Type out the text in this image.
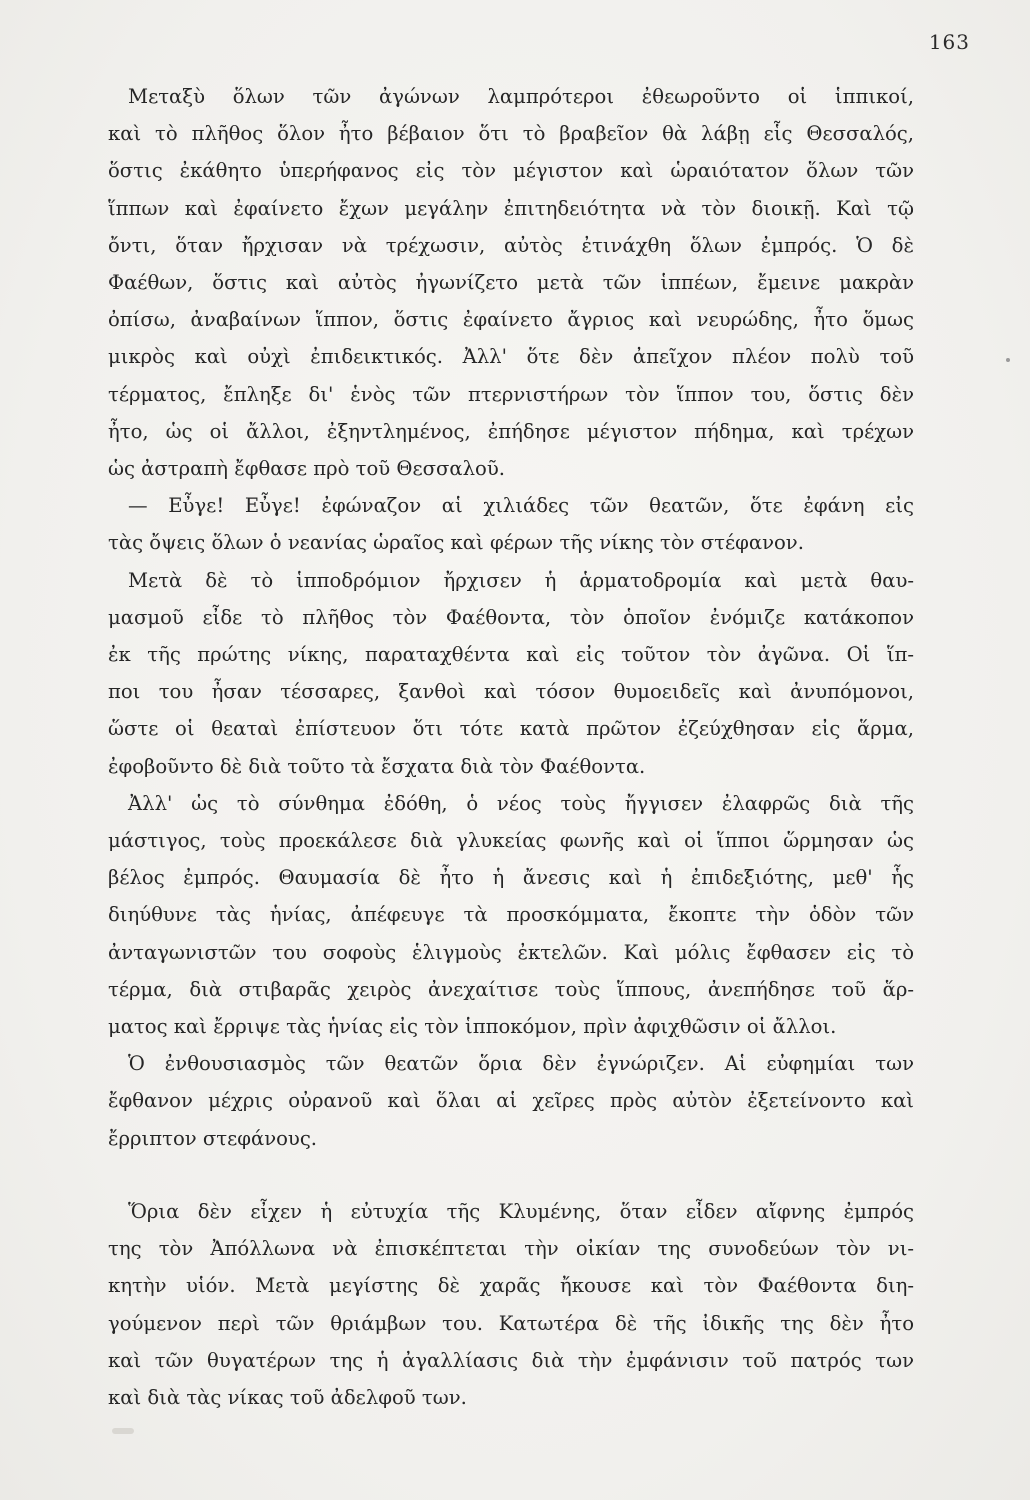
163

Μεταξὺ ὅλων τῶν ἀγώνων λαμπρότεροι ἐθεωροῦντο οἱ ἱππικοί,
καὶ τὸ πλῆθος ὅλον ἦτο βέβαιον ὅτι τὸ βραβεῖον θὰ λάβῃ εἷς Θεσσαλός,
ὅστις ἐκάθητο ὑπερήφανος εἰς τὸν μέγιστον καὶ ὡραιότατον ὅλων τῶν
ἵππων καὶ ἐφαίνετο ἔχων μεγάλην ἐπιτηδειότητα νὰ τὸν διοικῇ. Καὶ τῷ
ὄντι, ὅταν ἤρχισαν νὰ τρέχωσιν, αὐτὸς ἐτινάχθη ὅλων ἐμπρός. Ὁ δὲ
Φαέθων, ὅστις καὶ αὐτὸς ἠγωνίζετο μετὰ τῶν ἱππέων, ἔμεινε μακρὰν
ὀπίσω, ἀναβαίνων ἵππον, ὅστις ἐφαίνετο ἄγριος καὶ νευρώδης, ἦτο ὅμως
μικρὸς καὶ οὐχὶ ἐπιδεικτικός. Ἀλλ' ὅτε δὲν ἀπεῖχον πλέον πολὺ τοῦ
τέρματος, ἔπληξε δι' ἑνὸς τῶν πτερνιστήρων τὸν ἵππον του, ὅστις δὲν
ἦτο, ὡς οἱ ἄλλοι, ἐξηντλημένος, ἐπήδησε μέγιστον πήδημα, καὶ τρέχων
ὡς ἀστραπὴ ἔφθασε πρὸ τοῦ Θεσσαλοῦ.

— Εὖγε! Εὖγε! ἐφώναζον αἱ χιλιάδες τῶν θεατῶν, ὅτε ἐφάνη εἰς
τὰς ὄψεις ὅλων ὁ νεανίας ὡραῖος καὶ φέρων τῆς νίκης τὸν στέφανον.

Μετὰ δὲ τὸ ἱπποδρόμιον ἤρχισεν ἡ ἁρματοδρομία καὶ μετὰ θαυ-
μασμοῦ εἶδε τὸ πλῆθος τὸν Φαέθοντα, τὸν ὁποῖον ἐνόμιζε κατάκοπον
ἐκ τῆς πρώτης νίκης, παραταχθέντα καὶ εἰς τοῦτον τὸν ἀγῶνα. Οἱ ἵπ-
ποι του ἦσαν τέσσαρες, ξανθοὶ καὶ τόσον θυμοειδεῖς καὶ ἀνυπόμονοι,
ὥστε οἱ θεαταὶ ἐπίστευον ὅτι τότε κατὰ πρῶτον ἐζεύχθησαν εἰς ἅρμα,
ἐφοβοῦντο δὲ διὰ τοῦτο τὰ ἔσχατα διὰ τὸν Φαέθοντα.

Ἀλλ' ὡς τὸ σύνθημα ἐδόθη, ὁ νέος τοὺς ἤγγισεν ἐλαφρῶς διὰ τῆς
μάστιγος, τοὺς προεκάλεσε διὰ γλυκείας φωνῆς καὶ οἱ ἵπποι ὥρμησαν ὡς
βέλος ἐμπρός. Θαυμασία δὲ ἦτο ἡ ἄνεσις καὶ ἡ ἐπιδεξιότης, μεθ' ἧς
διηύθυνε τὰς ἡνίας, ἀπέφευγε τὰ προσκόμματα, ἔκοπτε τὴν ὁδὸν τῶν
ἀνταγωνιστῶν του σοφοὺς ἑλιγμοὺς ἐκτελῶν. Καὶ μόλις ἔφθασεν εἰς τὸ
τέρμα, διὰ στιβαρᾶς χειρὸς ἀνεχαίτισε τοὺς ἵππους, ἀνεπήδησε τοῦ ἅρ-
ματος καὶ ἔρριψε τὰς ἡνίας εἰς τὸν ἱπποκόμον, πρὶν ἀφιχθῶσιν οἱ ἄλλοι.

Ὁ ἐνθουσιασμὸς τῶν θεατῶν ὅρια δὲν ἐγνώριζεν. Αἱ εὐφημίαι των
ἔφθανον μέχρις οὐρανοῦ καὶ ὅλαι αἱ χεῖρες πρὸς αὐτὸν ἐξετείνοντο καὶ
ἔρριπτον στεφάνους.

Ὅρια δὲν εἶχεν ἡ εὐτυχία τῆς Κλυμένης, ὅταν εἶδεν αἴφνης ἐμπρός
της τὸν Ἀπόλλωνα νὰ ἐπισκέπτεται τὴν οἰκίαν της συνοδεύων τὸν νι-
κητὴν υἱόν. Μετὰ μεγίστης δὲ χαρᾶς ἤκουσε καὶ τὸν Φαέθοντα διη-
γούμενον περὶ τῶν θριάμβων του. Κατωτέρα δὲ τῆς ἰδικῆς της δὲν ἦτο
καὶ τῶν θυγατέρων της ἡ ἀγαλλίασις διὰ τὴν ἐμφάνισιν τοῦ πατρός των
καὶ διὰ τὰς νίκας τοῦ ἀδελφοῦ των.
